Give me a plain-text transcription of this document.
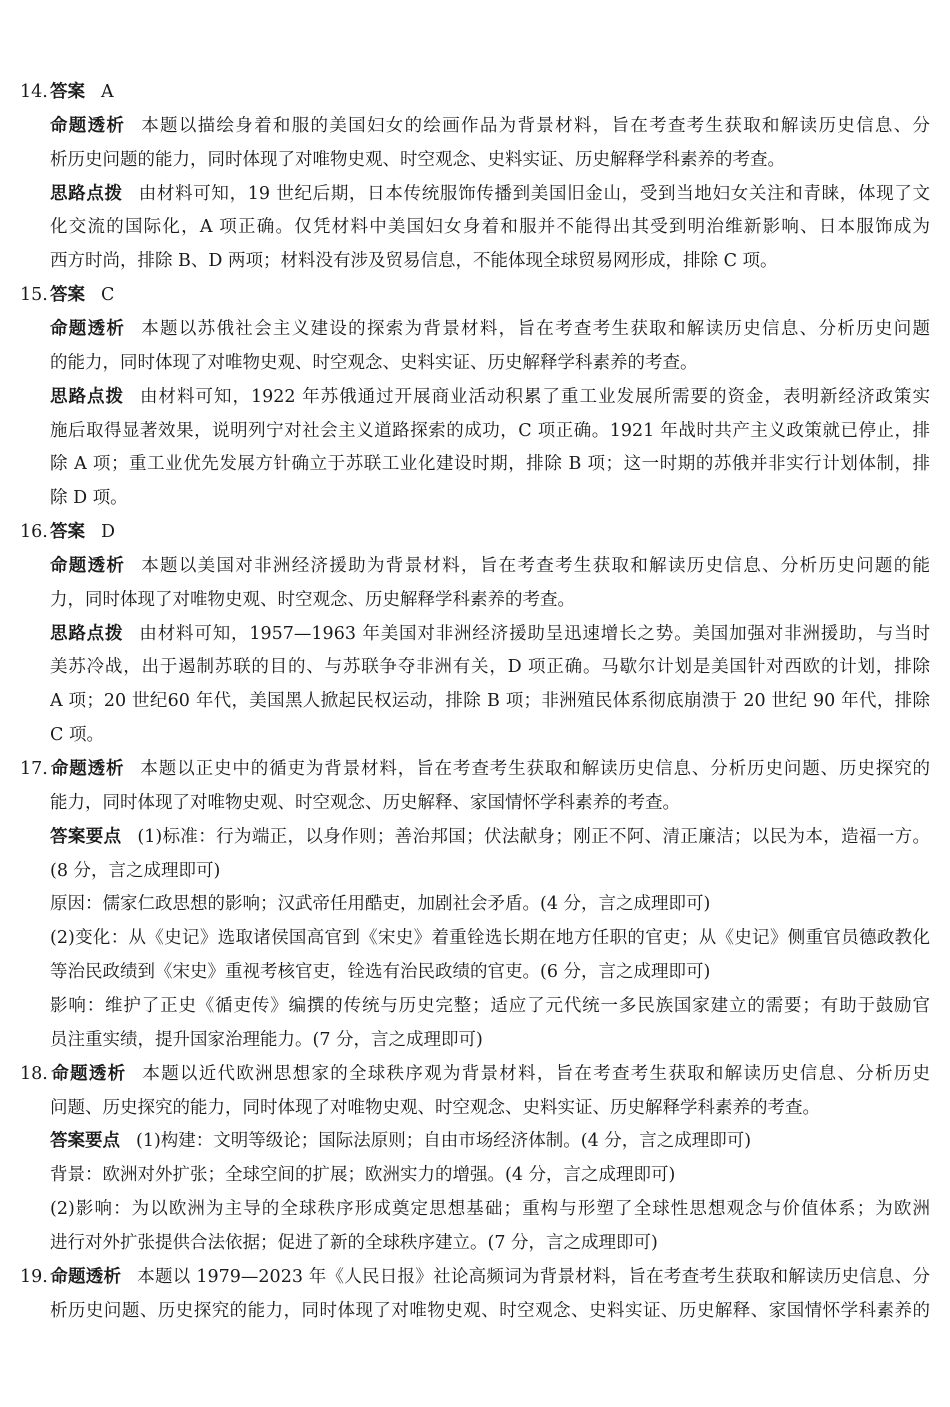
14. 答案 A
命题透析 本题以描绘身着和服的美国妇女的绘画作品为背景材料，旨在考查考生获取和解读历史信息、分
析历史问题的能力，同时体现了对唯物史观、时空观念、史料实证、历史解释学科素养的考查。
思路点拨 由材料可知，19 世纪后期，日本传统服饰传播到美国旧金山，受到当地妇女关注和青睐，体现了文
化交流的国际化，A 项正确。仅凭材料中美国妇女身着和服并不能得出其受到明治维新影响、日本服饰成为
西方时尚，排除 B、D 两项；材料没有涉及贸易信息，不能体现全球贸易网形成，排除 C 项。
15. 答案 C
命题透析 本题以苏俄社会主义建设的探索为背景材料，旨在考查考生获取和解读历史信息、分析历史问题
的能力，同时体现了对唯物史观、时空观念、史料实证、历史解释学科素养的考查。
思路点拨 由材料可知，1922 年苏俄通过开展商业活动积累了重工业发展所需要的资金，表明新经济政策实
施后取得显著效果，说明列宁对社会主义道路探索的成功，C 项正确。1921 年战时共产主义政策就已停止，排
除 A 项；重工业优先发展方针确立于苏联工业化建设时期，排除 B 项；这一时期的苏俄并非实行计划体制，排
除 D 项。
16. 答案 D
命题透析 本题以美国对非洲经济援助为背景材料，旨在考查考生获取和解读历史信息、分析历史问题的能
力，同时体现了对唯物史观、时空观念、历史解释学科素养的考查。
思路点拨 由材料可知，1957—1963 年美国对非洲经济援助呈迅速增长之势。美国加强对非洲援助，与当时
美苏冷战，出于遏制苏联的目的、与苏联争夺非洲有关，D 项正确。马歇尔计划是美国针对西欧的计划，排除
A 项；20 世纪60 年代，美国黑人掀起民权运动，排除 B 项；非洲殖民体系彻底崩溃于 20 世纪 90 年代，排除
C 项。
17. 命题透析 本题以正史中的循吏为背景材料，旨在考查考生获取和解读历史信息、分析历史问题、历史探究的
能力，同时体现了对唯物史观、时空观念、历史解释、家国情怀学科素养的考查。
答案要点 (1)标准：行为端正，以身作则；善治邦国；伏法献身；刚正不阿、清正廉洁；以民为本，造福一方。
(8 分，言之成理即可)
原因：儒家仁政思想的影响；汉武帝任用酷吏，加剧社会矛盾。(4 分，言之成理即可)
(2)变化：从《史记》选取诸侯国高官到《宋史》着重铨选长期在地方任职的官吏；从《史记》侧重官员德政教化
等治民政绩到《宋史》重视考核官吏，铨选有治民政绩的官吏。(6 分，言之成理即可)
影响：维护了正史《循吏传》编撰的传统与历史完整；适应了元代统一多民族国家建立的需要；有助于鼓励官
员注重实绩，提升国家治理能力。(7 分，言之成理即可)
18. 命题透析 本题以近代欧洲思想家的全球秩序观为背景材料，旨在考查考生获取和解读历史信息、分析历史
问题、历史探究的能力，同时体现了对唯物史观、时空观念、史料实证、历史解释学科素养的考查。
答案要点 (1)构建：文明等级论；国际法原则；自由市场经济体制。(4 分，言之成理即可)
背景：欧洲对外扩张；全球空间的扩展；欧洲实力的增强。(4 分，言之成理即可)
(2)影响：为以欧洲为主导的全球秩序形成奠定思想基础；重构与形塑了全球性思想观念与价值体系；为欧洲
进行对外扩张提供合法依据；促进了新的全球秩序建立。(7 分，言之成理即可)
19. 命题透析 本题以 1979—2023 年《人民日报》社论高频词为背景材料，旨在考查考生获取和解读历史信息、分
析历史问题、历史探究的能力，同时体现了对唯物史观、时空观念、史料实证、历史解释、家国情怀学科素养的
